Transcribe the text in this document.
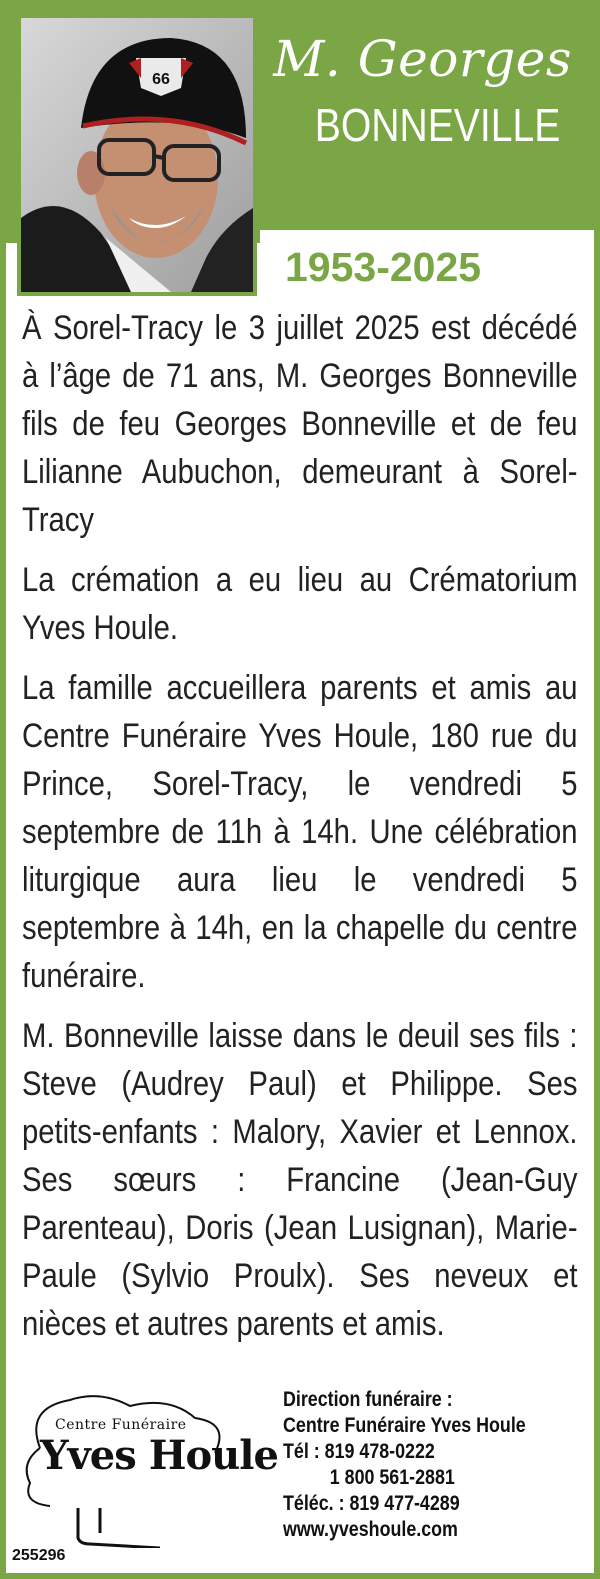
66 M. Georges
BONNEVILLE
1953-2025

À Sorel-Tracy le 3 juillet 2025 est décédé à l’âge de 71 ans, M. Georges Bonneville fils de feu Georges Bonneville et de feu Lilianne Aubuchon, demeurant à Sorel-Tracy

La crémation a eu lieu au Crématorium Yves Houle.

La famille accueillera parents et amis au Centre Funéraire Yves Houle, 180 rue du Prince, Sorel-Tracy, le vendredi 5 septembre de 11h à 14h. Une célébration liturgique aura lieu le vendredi 5 septembre à 14h, en la chapelle du centre funéraire.

M. Bonneville laisse dans le deuil ses fils : Steve (Audrey Paul) et Philippe. Ses petits-enfants : Malory, Xavier et Lennox. Ses sœurs : Francine (Jean-Guy Parenteau), Doris (Jean Lusignan), Marie-Paule (Sylvio Proulx). Ses neveux et nièces et autres parents et amis.

Centre Funéraire
Yves Houle
Direction funéraire :
Centre Funéraire Yves Houle
Tél : 819 478-0222
1 800 561-2881
Téléc. : 819 477-4289
www.yveshoule.com
255296
